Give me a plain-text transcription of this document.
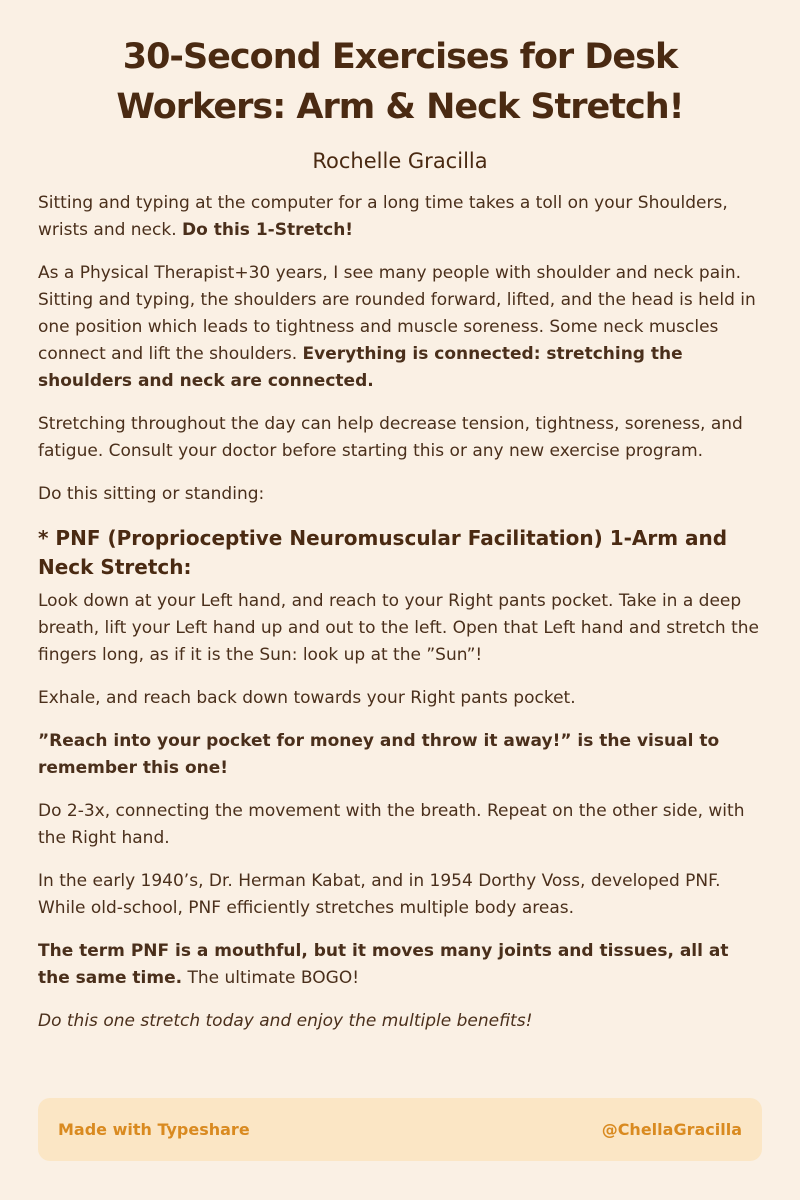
30-Second Exercises for Desk
Workers: Arm & Neck Stretch!
Rochelle Gracilla

Sitting and typing at the computer for a long time takes a toll on your Shoulders, wrists and neck. Do this 1-Stretch!

As a Physical Therapist+30 years, I see many people with shoulder and neck pain. Sitting and typing, the shoulders are rounded forward, lifted, and the head is held in one position which leads to tightness and muscle soreness. Some neck muscles connect and lift the shoulders. Everything is connected: stretching the shoulders and neck are connected.

Stretching throughout the day can help decrease tension, tightness, soreness, and fatigue. Consult your doctor before starting this or any new exercise program.

Do this sitting or standing:

* PNF (Proprioceptive Neuromuscular Facilitation) 1-Arm and Neck Stretch:

Look down at your Left hand, and reach to your Right pants pocket. Take in a deep breath, lift your Left hand up and out to the left. Open that Left hand and stretch the fingers long, as if it is the Sun: look up at the ”Sun”!

Exhale, and reach back down towards your Right pants pocket.

”Reach into your pocket for money and throw it away!” is the visual to remember this one!

Do 2-3x, connecting the movement with the breath. Repeat on the other side, with the Right hand.

In the early 1940’s, Dr. Herman Kabat, and in 1954 Dorthy Voss, developed PNF. While old-school, PNF efficiently stretches multiple body areas.

The term PNF is a mouthful, but it moves many joints and tissues, all at the same time. The ultimate BOGO!

Do this one stretch today and enjoy the multiple benefits!

Made with Typeshare	@ChellaGracilla
